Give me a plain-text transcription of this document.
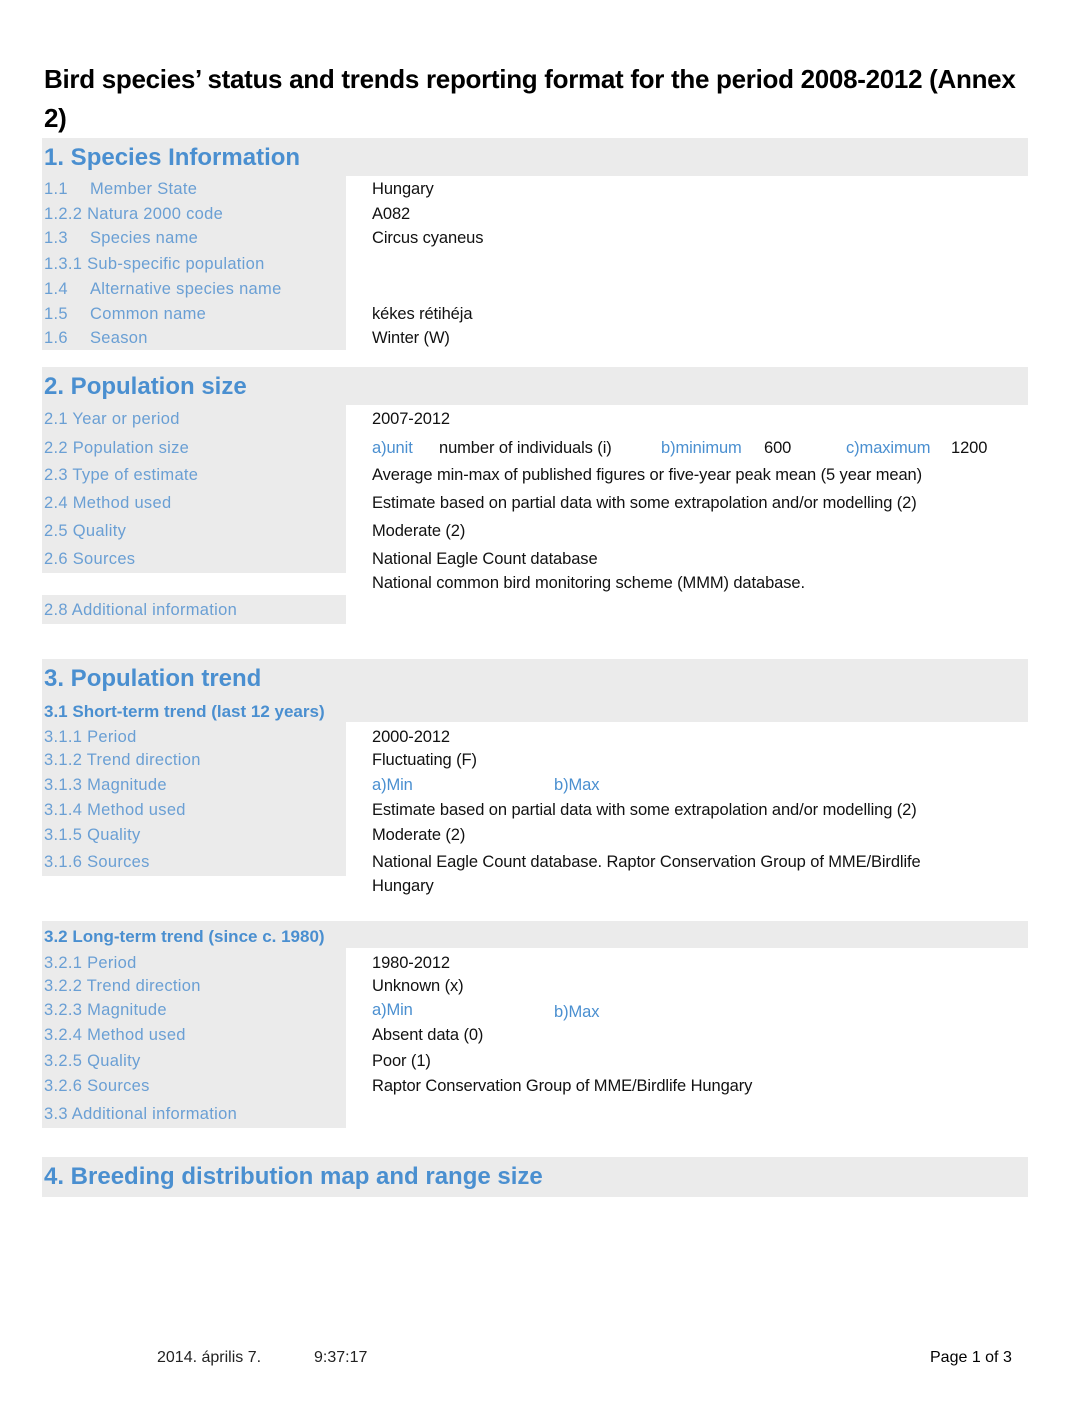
Bird species’ status and trends reporting format for the period 2008-2012 (Annex 2)
1. Species Information
1.1 Member State	Hungary
1.2.2 Natura 2000 code	A082
1.3 Species name	Circus cyaneus
1.3.1 Sub-specific population
1.4 Alternative species name
1.5 Common name	kékes rétihéja
1.6 Season	Winter (W)
2. Population size
2.1 Year or period	2007-2012
2.2 Population size	a)unit number of individuals (i)	b)minimum 600	c)maximum 1200
2.3 Type of estimate	Average min-max of published figures or five-year peak mean (5 year mean)
2.4 Method used	Estimate based on partial data with some extrapolation and/or modelling (2)
2.5 Quality	Moderate (2)
2.6 Sources	National Eagle Count database
National common bird monitoring scheme (MMM) database.
2.8 Additional information
3. Population trend
3.1 Short-term trend (last 12 years)
3.1.1 Period	2000-2012
3.1.2 Trend direction	Fluctuating (F)
3.1.3 Magnitude	a)Min	b)Max
3.1.4 Method used	Estimate based on partial data with some extrapolation and/or modelling (2)
3.1.5 Quality	Moderate (2)
3.1.6 Sources	National Eagle Count database. Raptor Conservation Group of MME/Birdlife
Hungary
3.2 Long-term trend (since c. 1980)
3.2.1 Period	1980-2012
3.2.2 Trend direction	Unknown (x)
3.2.3 Magnitude	a)Min	b)Max
3.2.4 Method used	Absent data (0)
3.2.5 Quality	Poor (1)
3.2.6 Sources	Raptor Conservation Group of MME/Birdlife Hungary
3.3 Additional information
4. Breeding distribution map and range size
2014. április 7.	9:37:17	Page 1 of 3
